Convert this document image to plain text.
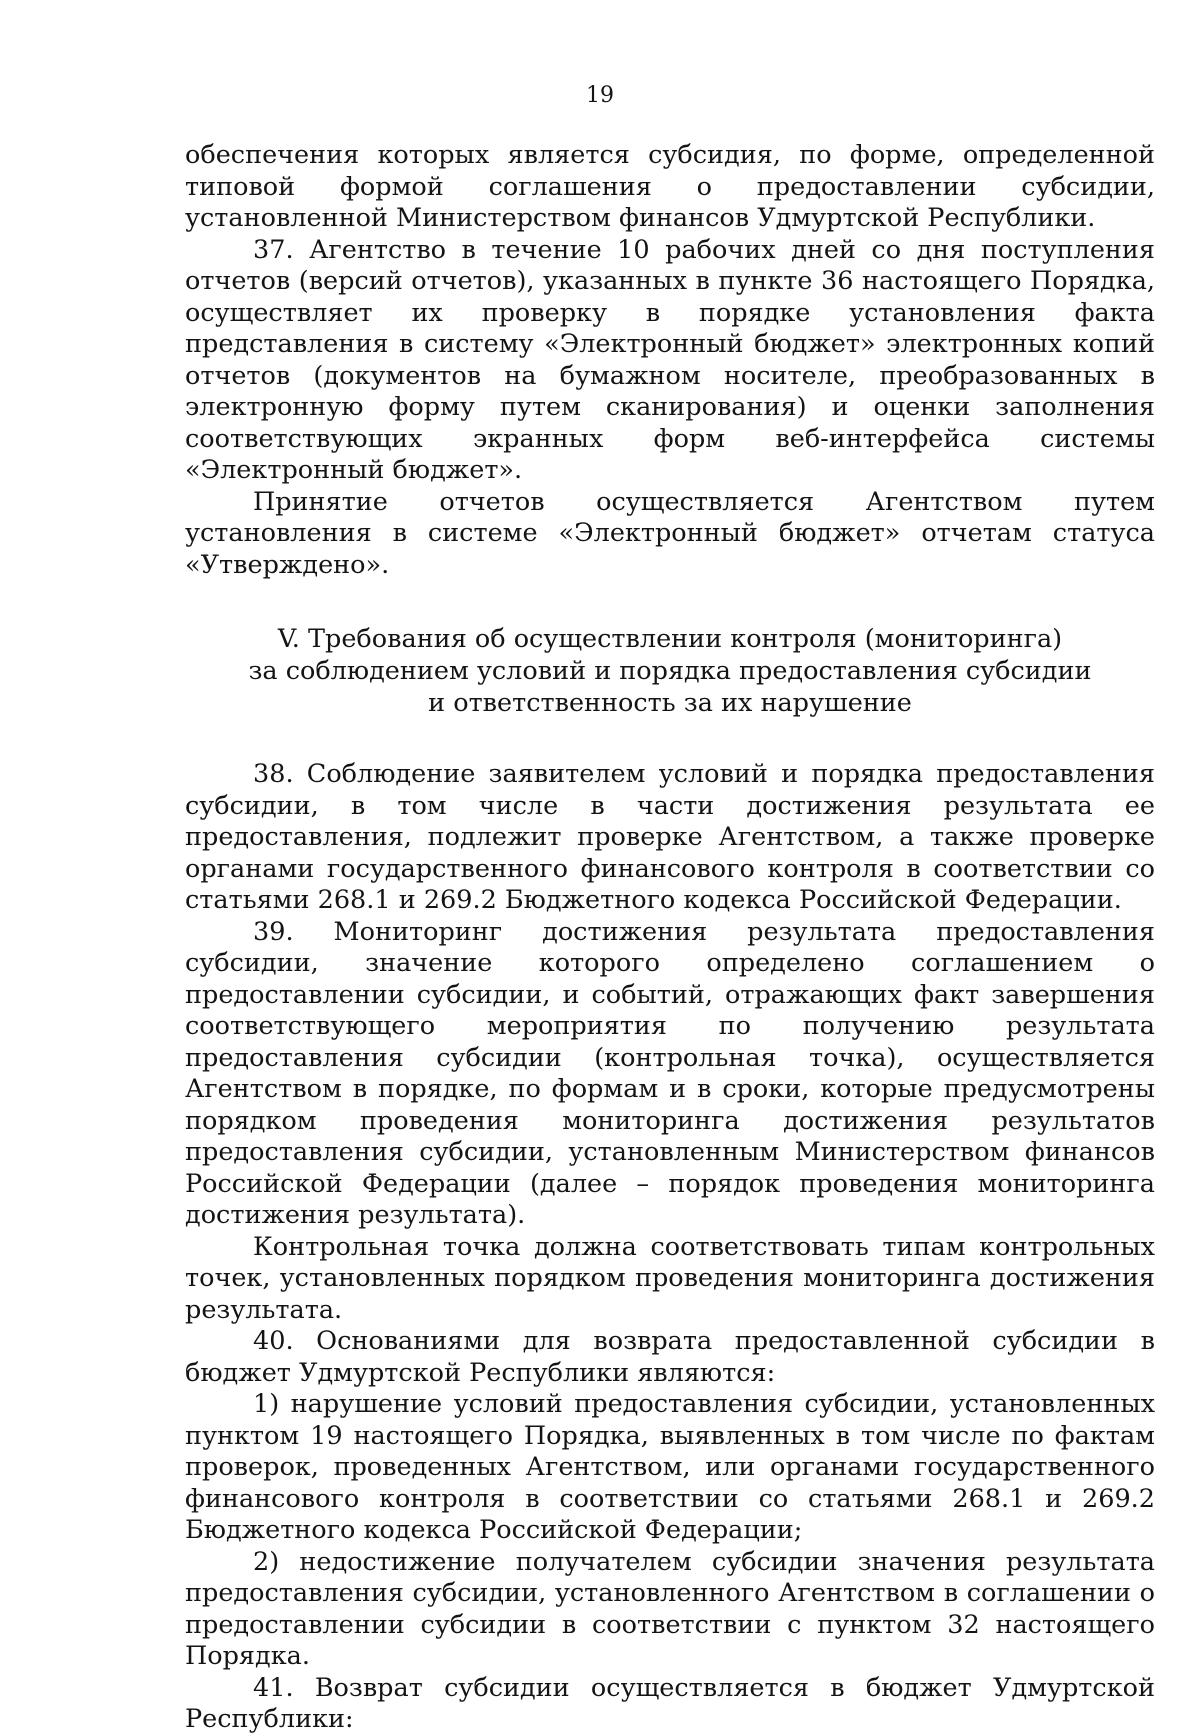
19

обеспечения которых является субсидия, по форме, определенной типовой формой соглашения о предоставлении субсидии, установленной Министерством финансов Удмуртской Республики.

37. Агентство в течение 10 рабочих дней со дня поступления отчетов (версий отчетов), указанных в пункте 36 настоящего Порядка, осуществляет их проверку в порядке установления факта представления в систему «Электронный бюджет» электронных копий отчетов (документов на бумажном носителе, преобразованных в электронную форму путем сканирования) и оценки заполнения соответствующих экранных форм веб-интерфейса системы «Электронный бюджет».

Принятие отчетов осуществляется Агентством путем установления в системе «Электронный бюджет» отчетам статуса «Утверждено».

V. Требования об осуществлении контроля (мониторинга)
за соблюдением условий и порядка предоставления субсидии
и ответственность за их нарушение

38. Соблюдение заявителем условий и порядка предоставления субсидии, в том числе в части достижения результата ее предоставления, подлежит проверке Агентством, а также проверке органами государственного финансового контроля в соответствии со статьями 268.1 и 269.2 Бюджетного кодекса Российской Федерации.

39. Мониторинг достижения результата предоставления субсидии, значение которого определено соглашением о предоставлении субсидии, и событий, отражающих факт завершения соответствующего мероприятия по получению результата предоставления субсидии (контрольная точка), осуществляется Агентством в порядке, по формам и в сроки, которые предусмотрены порядком проведения мониторинга достижения результатов предоставления субсидии, установленным Министерством финансов Российской Федерации (далее – порядок проведения мониторинга достижения результата).

Контрольная точка должна соответствовать типам контрольных точек, установленных порядком проведения мониторинга достижения результата.

40. Основаниями для возврата предоставленной субсидии в бюджет Удмуртской Республики являются:

1) нарушение условий предоставления субсидии, установленных пунктом 19 настоящего Порядка, выявленных в том числе по фактам проверок, проведенных Агентством, или органами государственного финансового контроля в соответствии со статьями 268.1 и 269.2 Бюджетного кодекса Российской Федерации;

2) недостижение получателем субсидии значения результата предоставления субсидии, установленного Агентством в соглашении о предоставлении субсидии в соответствии с пунктом 32 настоящего Порядка.

41. Возврат субсидии осуществляется в бюджет Удмуртской Республики:
